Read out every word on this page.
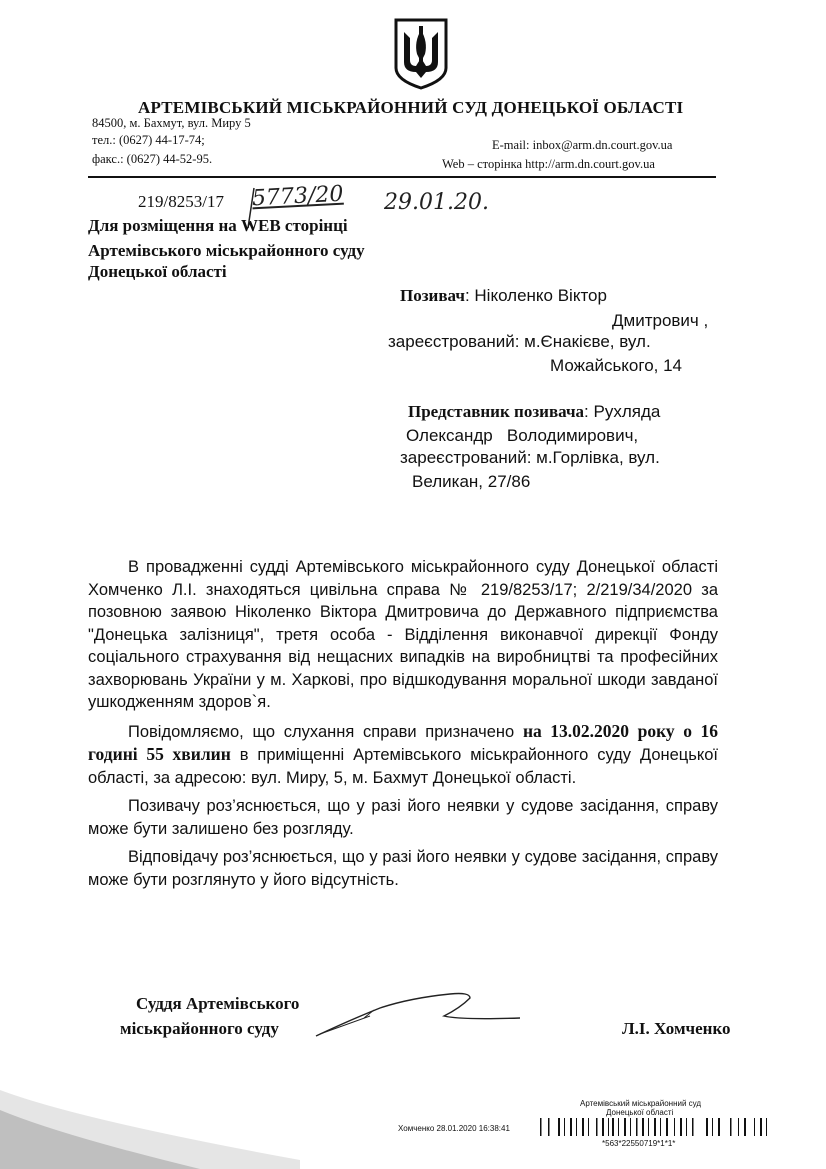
АРТЕМІВСЬКИЙ МІСЬКРАЙОННИЙ СУД ДОНЕЦЬКОЇ ОБЛАСТІ
84500, м. Бахмут, вул. Миру 5
тел.: (0627) 44-17-74;
факс.: (0627) 44-52-95.
E-mail: inbox@arm.dn.court.gov.ua
Web – сторінка http://arm.dn.court.gov.ua
219/8253/17 5773/20 29.01.20.
Для розміщення на WEB сторінці
Артемівського міськрайонного суду
Донецької області
Позивач: Ніколенко Віктор
Дмитрович ,
зареєстрований: м.Єнакієве, вул.
Можайського, 14
Представник позивача: Рухляда
Олександр   Володимирович,
зареєстрований: м.Горлівка, вул.
Великан, 27/86

В провадженні судді Артемівського міськрайонного суду Донецької області Хомченко Л.І. знаходяться цивільна справа № 219/8253/17; 2/219/34/2020 за позовною заявою Ніколенко Віктора Дмитровича до Державного підприємства "Донецька залізниця", третя особа - Відділення виконавчої дирекції Фонду соціального страхування від нещасних випадків на виробництві та професійних захворювань України у м. Харкові, про відшкодування моральної шкоди завданої ушкодженням здоров`я.

Повідомляємо, що слухання справи призначено на 13.02.2020 року о 16 годині 55 хвилин в приміщенні Артемівського міськрайонного суду Донецької області, за адресою: вул. Миру, 5, м. Бахмут Донецької області.

Позивачу роз’яснюється, що у разі його неявки у судове засідання, справу може бути залишено без розгляду.

Відповідачу роз’яснюється, що у разі його неявки у судове засідання, справу може бути розглянуто у його відсутність.

Суддя Артемівського
міськрайонного суду	Л.І. Хомченко
Артемівський міськрайонний суд
Донецької області
Хомченко 28.01.2020 16:38:41
*563*22550719*1*1*
